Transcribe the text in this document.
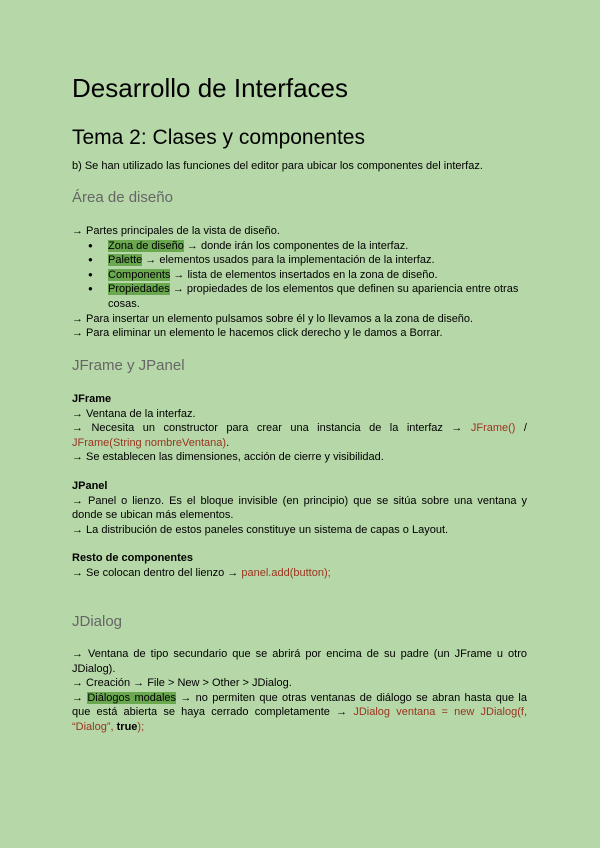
Desarrollo de Interfaces
Tema 2: Clases y componentes
b) Se han utilizado las funciones del editor para ubicar los componentes del interfaz.
Área de diseño

→ Partes principales de la vista de diseño.

● Zona de diseño → donde irán los componentes de la interfaz.
● Palette → elementos usados para la implementación de la interfaz.
● Components → lista de elementos insertados en la zona de diseño.
● Propiedades → propiedades de los elementos que definen su apariencia entre otras cosas.

→ Para insertar un elemento pulsamos sobre él y lo llevamos a la zona de diseño.

→ Para eliminar un elemento le hacemos click derecho y le damos a Borrar.

JFrame y JPanel

JFrame

→ Ventana de la interfaz.

→ Necesita un constructor para crear una instancia de la interfaz → JFrame() / JFrame(String nombreVentana).

→ Se establecen las dimensiones, acción de cierre y visibilidad.

JPanel

→ Panel o lienzo. Es el bloque invisible (en principio) que se sitúa sobre una ventana y donde se ubican más elementos.

→ La distribución de estos paneles constituye un sistema de capas o Layout.

Resto de componentes

→ Se colocan dentro del lienzo → panel.add(button);

JDialog

→ Ventana de tipo secundario que se abrirá por encima de su padre (un JFrame u otro JDialog).

→ Creación → File > New > Other > JDialog.

→ Diálogos modales → no permiten que otras ventanas de diálogo se abran hasta que la que está abierta se haya cerrado completamente → JDialog ventana = new JDialog(f, “Dialog”, true);
